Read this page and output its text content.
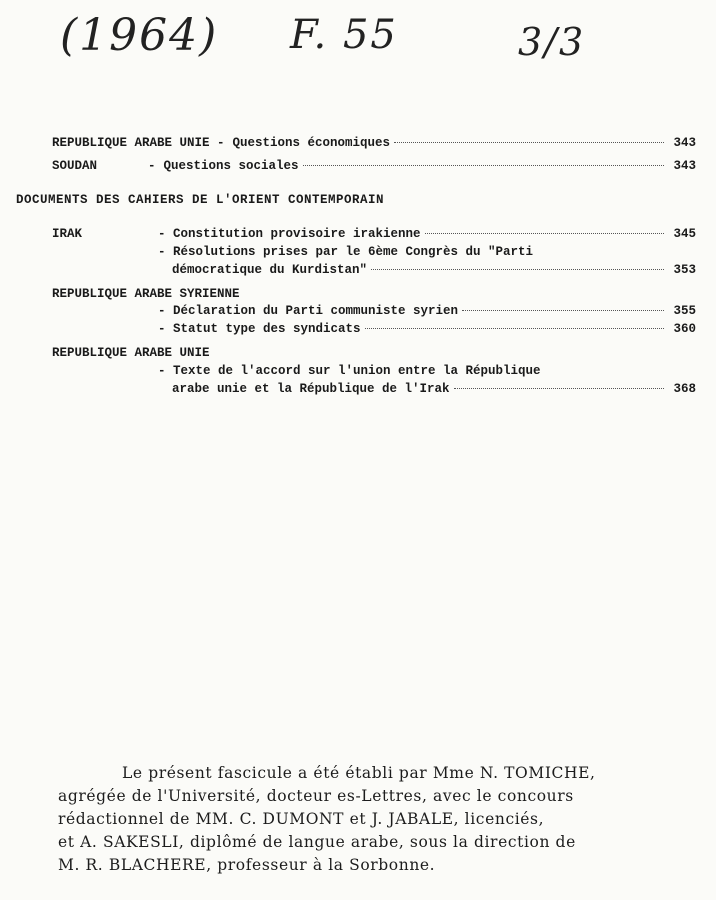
(1964) F. 55	3/3
REPUBLIQUE ARABE UNIE - Questions économiques	343
SOUDAN	- Questions sociales	343
DOCUMENTS DES CAHIERS DE L'ORIENT CONTEMPORAIN
IRAK	- Constitution provisoire irakienne	345
- Résolutions prises par le 6ème Congrès du "Parti
démocratique du Kurdistan"	353
REPUBLIQUE ARABE SYRIENNE
- Déclaration du Parti communiste syrien	355
- Statut type des syndicats	360
REPUBLIQUE ARABE UNIE
- Texte de l'accord sur l'union entre la République
arabe unie et la République de l'Irak	368
Le présent fascicule a été établi par Mme N. TOMICHE,
agrégée de l'Université, docteur es-Lettres, avec le concours
rédactionnel de MM. C. DUMONT et J. JABALE, licenciés,
et A. SAKESLI, diplômé de langue arabe, sous la direction de
M. R. BLACHERE, professeur à la Sorbonne.
